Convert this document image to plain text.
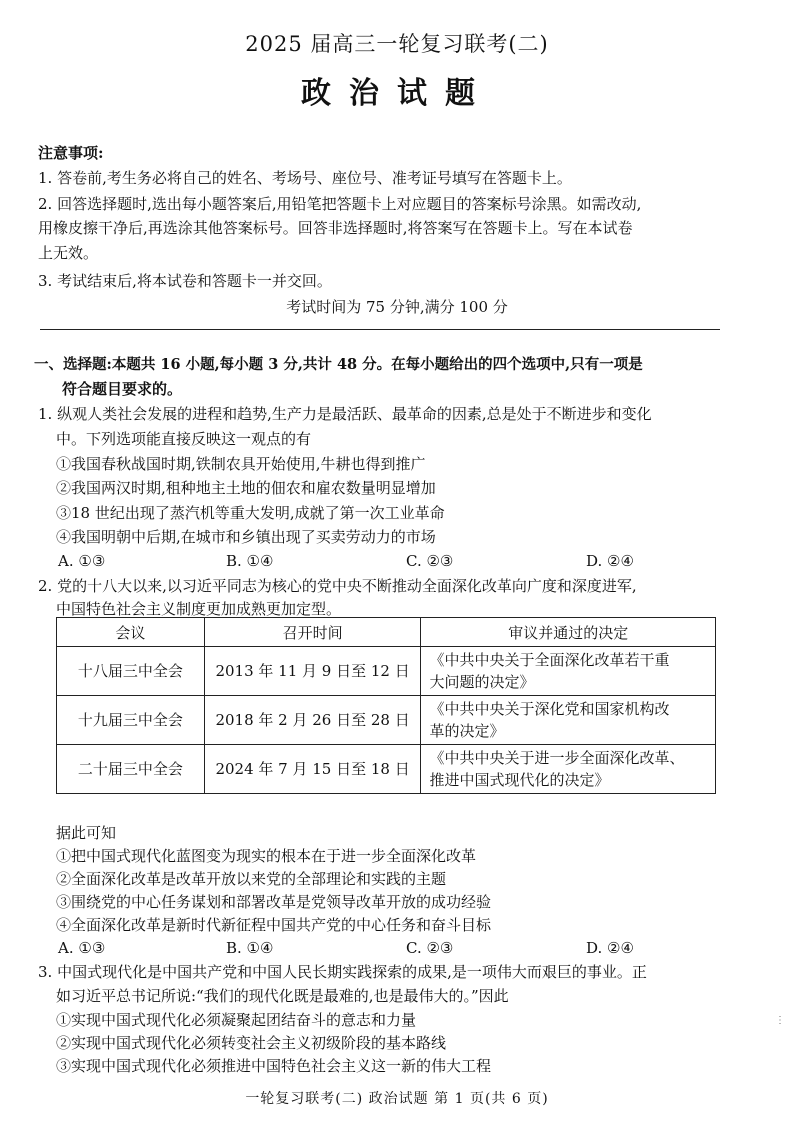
2025 届高三一轮复习联考(二)
政治试题
注意事项:
1. 答卷前,考生务必将自己的姓名、考场号、座位号、准考证号填写在答题卡上。
2. 回答选择题时,选出每小题答案后,用铅笔把答题卡上对应题目的答案标号涂黑。如需改动,
用橡皮擦干净后,再选涂其他答案标号。回答非选择题时,将答案写在答题卡上。写在本试卷
上无效。
3. 考试结束后,将本试卷和答题卡一并交回。
考试时间为 75 分钟,满分 100 分
一、选择题:本题共 16 小题,每小题 3 分,共计 48 分。在每小题给出的四个选项中,只有一项是
符合题目要求的。
1. 纵观人类社会发展的进程和趋势,生产力是最活跃、最革命的因素,总是处于不断进步和变化
中。下列选项能直接反映这一观点的有
①我国春秋战国时期,铁制农具开始使用,牛耕也得到推广
②我国两汉时期,租种地主土地的佃农和雇农数量明显增加
③18 世纪出现了蒸汽机等重大发明,成就了第一次工业革命
④我国明朝中后期,在城市和乡镇出现了买卖劳动力的市场
A. ①③	B. ①④	C. ②③	D. ②④
2. 党的十八大以来,以习近平同志为核心的党中央不断推动全面深化改革向广度和深度进军,
中国特色社会主义制度更加成熟更加定型。
会议	召开时间	审议并通过的决定
十八届三中全会	2013 年 11 月 9 日至 12 日	《中共中央关于全面深化改革若干重
大问题的决定》

十九届三中全会	2018 年 2 月 26 日至 28 日	《中共中央关于深化党和国家机构改
革的决定》

二十届三中全会	2024 年 7 月 15 日至 18 日	《中共中央关于进一步全面深化改革、
推进中国式现代化的决定》
据此可知
①把中国式现代化蓝图变为现实的根本在于进一步全面深化改革
②全面深化改革是改革开放以来党的全部理论和实践的主题
③围绕党的中心任务谋划和部署改革是党领导改革开放的成功经验
④全面深化改革是新时代新征程中国共产党的中心任务和奋斗目标
A. ①③	B. ①④	C. ②③	D. ②④
3. 中国式现代化是中国共产党和中国人民长期实践探索的成果,是一项伟大而艰巨的事业。正
如习近平总书记所说:“我们的现代化既是最难的,也是最伟大的。”因此
①实现中国式现代化必须凝聚起团结奋斗的意志和力量
②实现中国式现代化必须转变社会主义初级阶段的基本路线
③实现中国式现代化必须推进中国特色社会主义这一新的伟大工程
⋮
一轮复习联考(二) 政治试题 第 1 页(共 6 页)
